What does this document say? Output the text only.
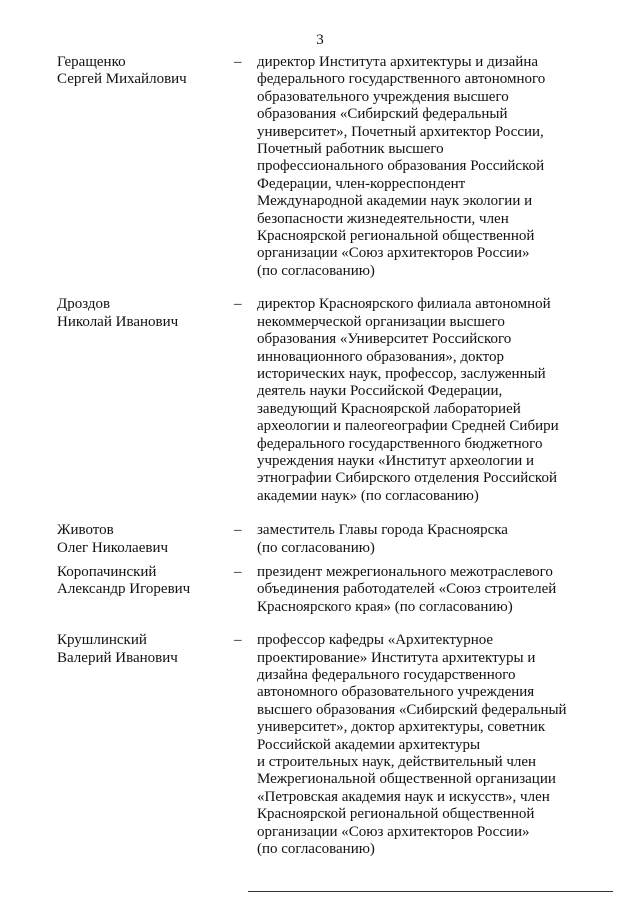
3
Геращенко
Сергей Михайлович
– директор Института архитектуры и дизайна
федерального государственного автономного
образовательного учреждения высшего
образования «Сибирский федеральный
университет», Почетный архитектор России,
Почетный работник высшего
профессионального образования Российской
Федерации, член-корреспондент
Международной академии наук экологии и
безопасности жизнедеятельности, член
Красноярской региональной общественной
организации «Союз архитекторов России»
(по согласованию)
Дроздов
Николай Иванович
– директор Красноярского филиала автономной
некоммерческой организации высшего
образования «Университет Российского
инновационного образования», доктор
исторических наук, профессор, заслуженный
деятель науки Российской Федерации,
заведующий Красноярской лабораторией
археологии и палеогеографии Средней Сибири
федерального государственного бюджетного
учреждения науки «Институт археологии и
этнографии Сибирского отделения Российской
академии наук» (по согласованию)
Животов
Олег Николаевич
– заместитель Главы города Красноярска
(по согласованию)
Коропачинский
Александр Игоревич
– президент межрегионального межотраслевого
объединения работодателей «Союз строителей
Красноярского края» (по согласованию)
Крушлинский
Валерий Иванович
– профессор кафедры «Архитектурное
проектирование» Института архитектуры и
дизайна федерального государственного
автономного образовательного учреждения
высшего образования «Сибирский федеральный
университет», доктор архитектуры, советник
Российской академии архитектуры
и строительных наук, действительный член
Межрегиональной общественной организации
«Петровская академия наук и искусств», член
Красноярской региональной общественной
организации «Союз архитекторов России»
(по согласованию)
